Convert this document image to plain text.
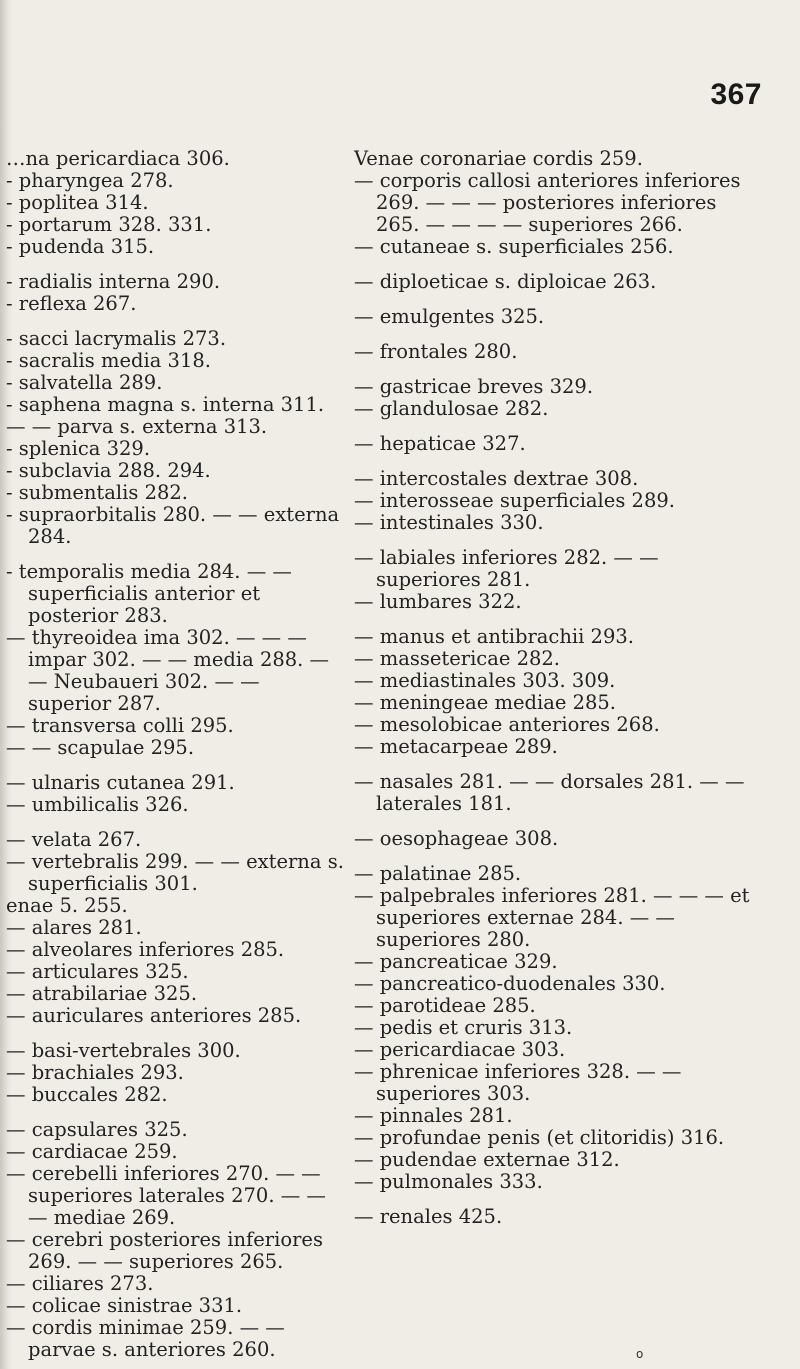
367

…na pericardiaca 306.

- pharyngea 278.

- poplitea 314.

- portarum 328. 331.

- pudenda 315.

- radialis interna 290.

- reflexa 267.

- sacci lacrymalis 273.

- sacralis media 318.

- salvatella 289.

- saphena magna s. interna 311.

— — parva s. externa 313.

- splenica 329.

- subclavia 288. 294.

- submentalis 282.

- supraorbitalis 280. — — externa 284.

- temporalis media 284. — — superficialis anterior et posterior 283.

— thyreoidea ima 302. — — — impar 302. — — media 288. — — Neubaueri 302. — — superior 287.

— transversa colli 295.

— — scapulae 295.

— ulnaris cutanea 291.

— umbilicalis 326.

— velata 267.

— vertebralis 299. — — externa s. superficialis 301.

enae 5. 255.

— alares 281.

— alveolares inferiores 285.

— articulares 325.

— atrabilariae 325.

— auriculares anteriores 285.

— basi-vertebrales 300.

— brachiales 293.

— buccales 282.

— capsulares 325.

— cardiacae 259.

— cerebelli inferiores 270. — — superiores laterales 270. — — — mediae 269.

— cerebri posteriores inferiores 269. — — superiores 265.

— ciliares 273.

— colicae sinistrae 331.

— cordis minimae 259. — — parvae s. anteriores 260.

Venae coronariae cordis 259.

— corporis callosi anteriores inferiores 269. — — — posteriores inferiores 265. — — — — superiores 266.

— cutaneae s. superficiales 256.

— diploeticae s. diploicae 263.

— emulgentes 325.

— frontales 280.

— gastricae breves 329.

— glandulosae 282.

— hepaticae 327.

— intercostales dextrae 308.

— interosseae superficiales 289.

— intestinales 330.

— labiales inferiores 282. — — superiores 281.

— lumbares 322.

— manus et antibrachii 293.

— massetericae 282.

— mediastinales 303. 309.

— meningeae mediae 285.

— mesolobicae anteriores 268.

— metacarpeae 289.

— nasales 281. — — dorsales 281. — — laterales 181.

— oesophageae 308.

— palatinae 285.

— palpebrales inferiores 281. — — — et superiores externae 284. — — superiores 280.

— pancreaticae 329.

— pancreatico-duodenales 330.

— parotideae 285.

— pedis et cruris 313.

— pericardiacae 303.

— phrenicae inferiores 328. — — superiores 303.

— pinnales 281.

— profundae penis (et clitoridis) 316.

— pudendae externae 312.

— pulmonales 333.

— renales 425.

o
